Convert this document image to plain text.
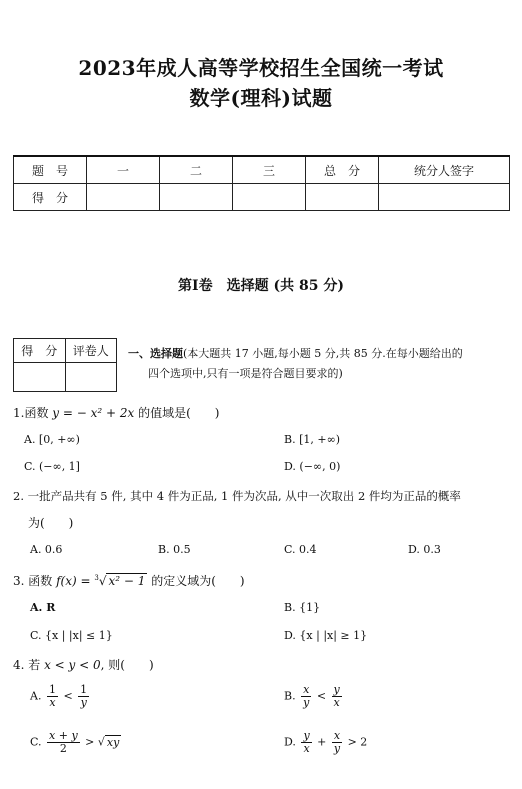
2023年成人高等学校招生全国统一考试
数学(理科)试题
题　号	一	二	三	总　分	统分人签字
得　分					
第Ⅰ卷　选择题 (共 85 分)
得　分	评卷人
	一、选择题(本大题共 17 小题,每小题 5 分,共 85 分.在每小题给出的
四个选项中,只有一项是符合题目要求的)
1.函数 y = − x² + 2x 的值域是(　　)
A. [0, +∞)	B. [1, +∞)
C. (−∞, 1]	D. (−∞, 0)
2. 一批产品共有 5 件, 其中 4 件为正品, 1 件为次品, 从中一次取出 2 件均为正品的概率
为(　　)
A. 0.6	B. 0.5	C. 0.4	D. 0.3
3. 函数 f(x) = $^3$√ x² − 1 的定义域为(　　)
A. R	B. {1}
C. {x | |x| ≤ 1}	D. {x | |x| ≥ 1}
4. 若 x < y < 0, 则(　　)
A. $\frac{1}{x} < \frac{1}{y}$	B. $\frac{x}{y} < \frac{y}{x}$
C. $\frac{x + y}{2}$ > √ xy	D. $\frac{y}{x} + \frac{x}{y} > 2$
